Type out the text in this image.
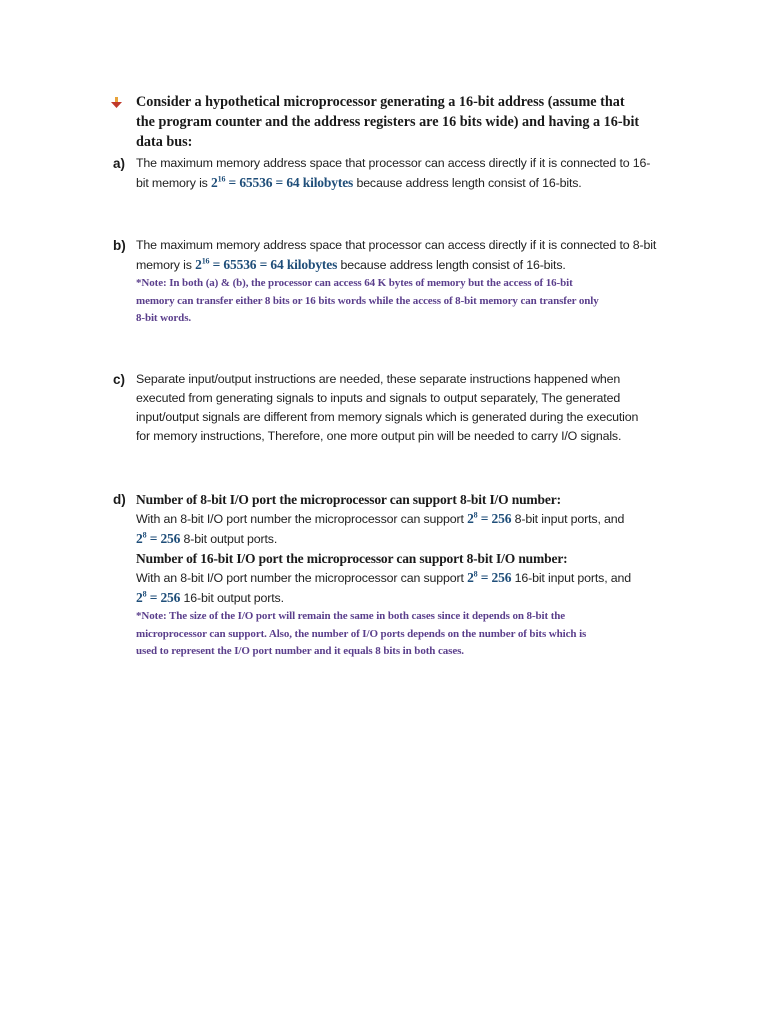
Consider a hypothetical microprocessor generating a 16-bit address (assume that
the program counter and the address registers are 16 bits wide) and having a 16-bit
data bus:
a) The maximum memory address space that processor can access directly if it is connected to 16-
bit memory is $2^{16} = 65536 = 64$ kilobytes because address length consist of 16-bits.
b) The maximum memory address space that processor can access directly if it is connected to 8-bit
memory is $2^{16} = 65536 = 64$ kilobytes because address length consist of 16-bits.
*Note: In both (a) & (b), the processor can access 64 K bytes of memory but the access of 16-bit
memory can transfer either 8 bits or 16 bits words while the access of 8-bit memory can transfer only
8-bit words.
c) Separate input/output instructions are needed, these separate instructions happened when
executed from generating signals to inputs and signals to output separately, The generated
input/output signals are different from memory signals which is generated during the execution
for memory instructions, Therefore, one more output pin will be needed to carry I/O signals.
d) Number of 8-bit I/O port the microprocessor can support 8-bit I/O number:
With an 8-bit I/O port number the microprocessor can support $2^8 = 256$ 8-bit input ports, and
$2^8 = 256$ 8-bit output ports.
Number of 16-bit I/O port the microprocessor can support 8-bit I/O number:
With an 8-bit I/O port number the microprocessor can support $2^8 = 256$ 16-bit input ports, and
$2^8 = 256$ 16-bit output ports.
*Note: The size of the I/O port will remain the same in both cases since it depends on 8-bit the
microprocessor can support. Also, the number of I/O ports depends on the number of bits which is
used to represent the I/O port number and it equals 8 bits in both cases.
